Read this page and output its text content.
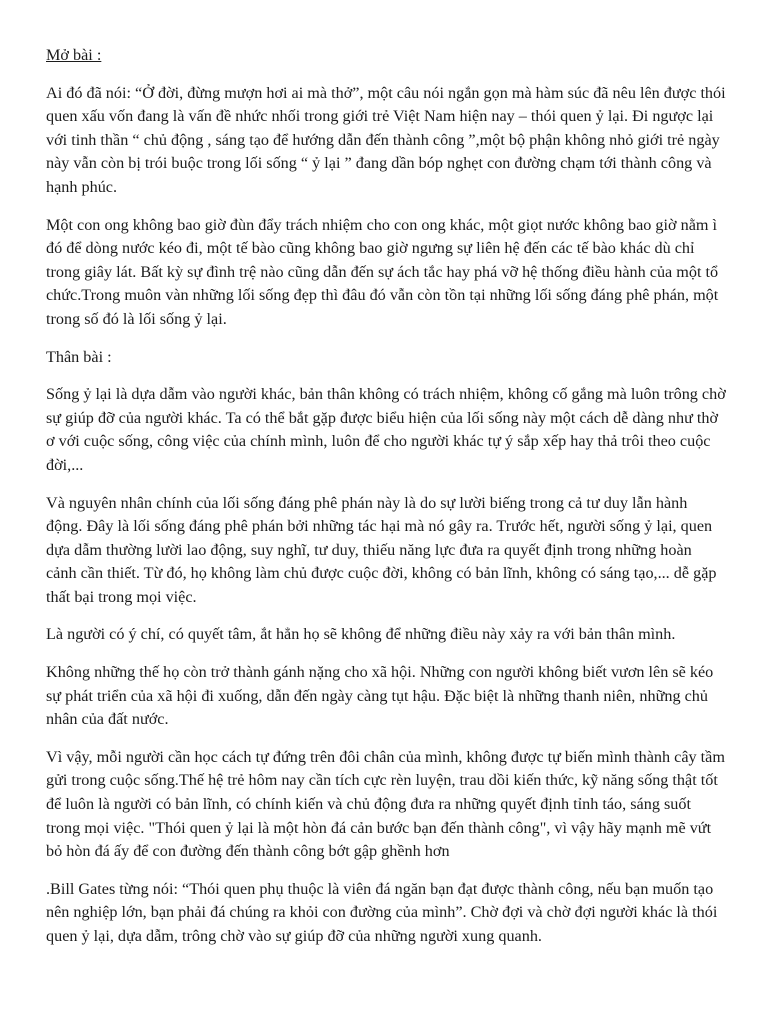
Mở bài :

Ai đó đã nói: “Ở đời, đừng mượn hơi ai mà thở”, một câu nói ngắn gọn mà hàm súc đã nêu lên được thói quen xấu vốn đang là vấn đề nhức nhối trong giới trẻ Việt Nam hiện nay – thói quen ỷ lại. Đi ngược lại với tinh thần “ chủ động , sáng tạo để hướng dẫn đến thành công ”,một bộ phận không nhỏ giới trẻ ngày này vẫn còn bị trói buộc trong lối sống “ ỷ lại ” đang dần bóp nghẹt con đường chạm tới thành công và hạnh phúc.

Một con ong không bao giờ đùn đẩy trách nhiệm cho con ong khác, một giọt nước không bao giờ nằm ì đó để dòng nước kéo đi, một tế bào cũng không bao giờ ngưng sự liên hệ đến các tế bào khác dù chỉ trong giây lát. Bất kỳ sự đình trệ nào cũng dẫn đến sự ách tắc hay phá vỡ hệ thống điều hành của một tổ chức.Trong muôn vàn những lối sống đẹp thì đâu đó vẫn còn tồn tại những lối sống đáng phê phán, một trong số đó là lối sống ỷ lại.

Thân bài :

Sống ỷ lại là dựa dẫm vào người khác, bản thân không có trách nhiệm, không cố gắng mà luôn trông chờ sự giúp đỡ của người khác. Ta có thể bắt gặp được biểu hiện của lối sống này một cách dễ dàng như thờ ơ với cuộc sống, công việc của chính mình, luôn để cho người khác tự ý sắp xếp hay thả trôi theo cuộc đời,...

Và nguyên nhân chính của lối sống đáng phê phán này là do sự lười biếng trong cả tư duy lẫn hành động. Đây là lối sống đáng phê phán bởi những tác hại mà nó gây ra. Trước hết, người sống ỷ lại, quen dựa dẫm thường lười lao động, suy nghĩ, tư duy, thiếu năng lực đưa ra quyết định trong những hoàn cảnh cần thiết. Từ đó, họ không làm chủ được cuộc đời, không có bản lĩnh, không có sáng tạo,... dễ gặp thất bại trong mọi việc.

Là người có ý chí, có quyết tâm, ắt hẳn họ sẽ không để những điều này xảy ra với bản thân mình.

Không những thế họ còn trở thành gánh nặng cho xã hội. Những con người không biết vươn lên sẽ kéo sự phát triển của xã hội đi xuống, dẫn đến ngày càng tụt hậu. Đặc biệt là những thanh niên, những chủ nhân của đất nước.

Vì vậy, mỗi người cần học cách tự đứng trên đôi chân của mình, không được tự biến mình thành cây tầm gửi trong cuộc sống.Thế hệ trẻ hôm nay cần tích cực rèn luyện, trau dồi kiến thức, kỹ năng sống thật tốt để luôn là người có bản lĩnh, có chính kiến và chủ động đưa ra những quyết định tỉnh táo, sáng suốt trong mọi việc. "Thói quen ỷ lại là một hòn đá cản bước bạn đến thành công", vì vậy hãy mạnh mẽ vứt bỏ hòn đá ấy để con đường đến thành công bớt gập ghềnh hơn

.Bill Gates từng nói: “Thói quen phụ thuộc là viên đá ngăn bạn đạt được thành công, nếu bạn muốn tạo nên nghiệp lớn, bạn phải đá chúng ra khỏi con đường của mình”. Chờ đợi và chờ đợi người khác là thói quen ỷ lại, dựa dẫm, trông chờ vào sự giúp đỡ của những người xung quanh.
